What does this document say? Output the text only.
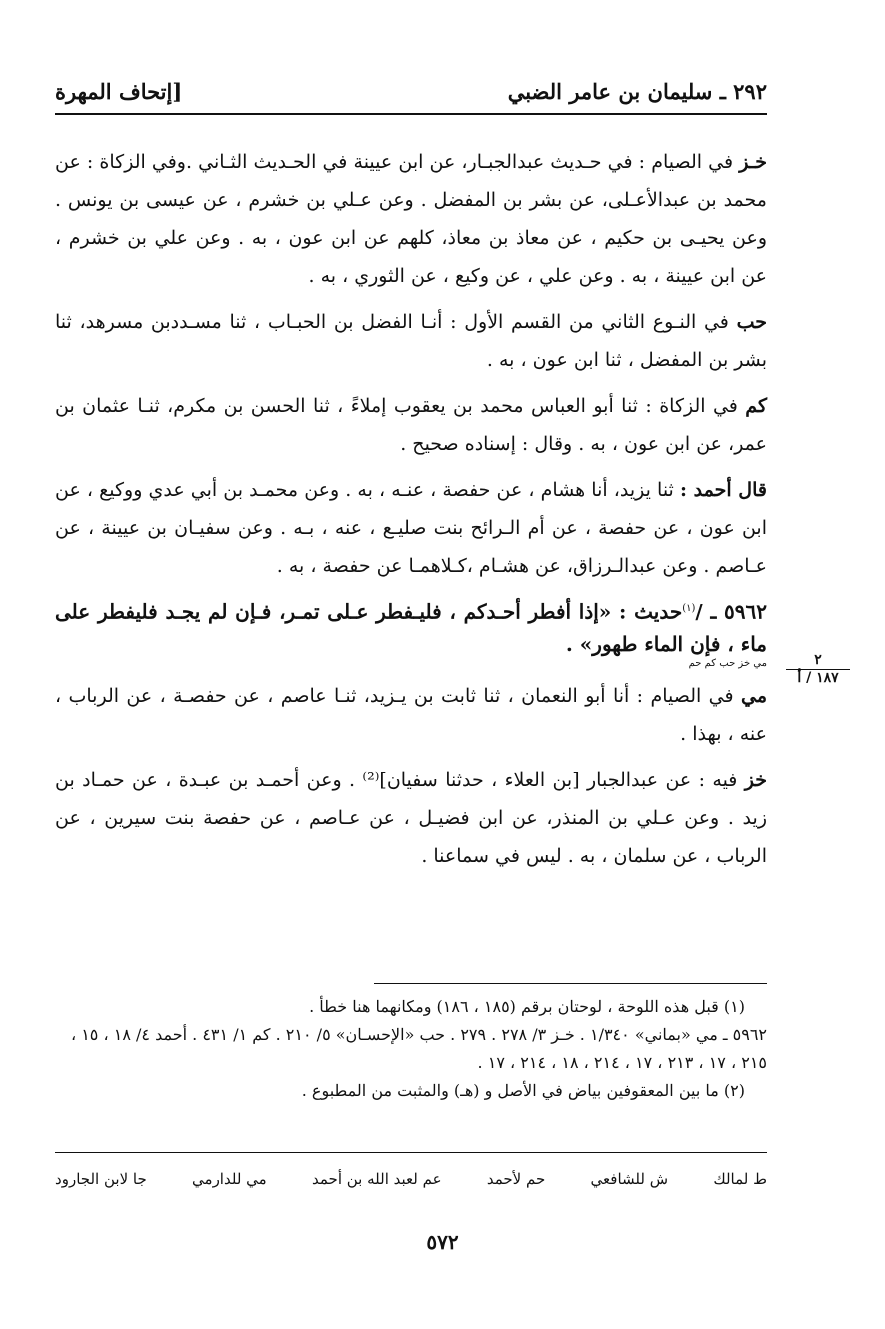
٢٩٢ ـ سليمان بن عامر الضبي
[إتحاف المهرة

خـز في الصيام : في حـديث عبدالجبـار، عن ابن عيينة في الحـديث الثـاني .وفي الزكاة : عن محمد بن عبدالأعـلى، عن بشر بن المفضل . وعن عـلي بن خشرم ، عن عيسى بن يونس . وعن يحيـى بن حكيم ، عن معاذ بن معاذ، كلهم عن ابن عون ، به . وعن علي بن خشرم ، عن ابن عيينة ، به . وعن علي ، عن وكيع ، عن الثوري ، به .

حب في النـوع الثاني من القسم الأول : أنـا الفضل بن الحبـاب ، ثنا مسـددبن مسرهد، ثنا بشر بن المفضل ، ثنا ابن عون ، به .

كم في الزكاة : ثنا أبو العباس محمد بن يعقوب إملاءً ، ثنا الحسن بن مكرم، ثنـا عثمان بن عمر، عن ابن عون ، به . وقال : إسناده صحيح .

قال أحمد : ثنا يزيد، أنا هشام ، عن حفصة ، عنـه ، به . وعن محمـد بن أبي عدي ووكيع ، عن ابن عون ، عن حفصة ، عن أم الـرائح بنت صليـع ، عنه ، بـه . وعن سفيـان بن عيينة ، عن عـاصم . وعن عبدالـرزاق، عن هشـام ،كـلاهمـا عن حفصة ، به .

٥٩٦٢ ـ /$^{(١)}$حديث : «إذا أفطر أحـدكم ، فليـفطر عـلى تمـر، فـإن لم يجـد فليفطر على ماء ، فإن الماء طهور» .
مي خز حب كم حم

مي في الصيام : أنا أبو النعمان ، ثنا ثابت بن يـزيد، ثنـا عاصم ، عن حفصـة ، عن الرباب ، عنه ، بهذا .

خز فيه : عن عبدالجبار [بن العلاء ، حدثنا سفيان]⁽²⁾ . وعن أحمـد بن عبـدة ، عن حمـاد بن زيد . وعن عـلي بن المنذر، عن ابن فضيـل ، عن عـاصم ، عن حفصة بنت سيرين ، عن الرباب ، عن سلمان ، به . ليس في سماعنا .

٢
١٨٧ / أ

(١) قبل هذه اللوحة ، لوحتان برقم (١٨٥ ، ١٨٦) ومكانهما هنا خطأ .

٥٩٦٢ ـ مي «بماني» ١/٣٤٠ . خـز ٣/ ٢٧٨ . ٢٧٩ . حب «الإحسـان» ٥/ ٢١٠ . كم ١/ ٤٣١ . أحمد ٤/ ١٨ ، ١٥ ، ٢١٥ ، ١٧ ، ٢١٣ ، ١٧ ، ٢١٤ ، ١٨ ، ٢١٤ ، ١٧ .

(٢) ما بين المعقوفين بياض في الأصل و (هـ) والمثبت من المطبوع .

ط لمالك
ش للشافعي
حم لأحمد
عم لعبد الله بن أحمد
مي للدارمي
جا لابن الجارود
٥٧٢
